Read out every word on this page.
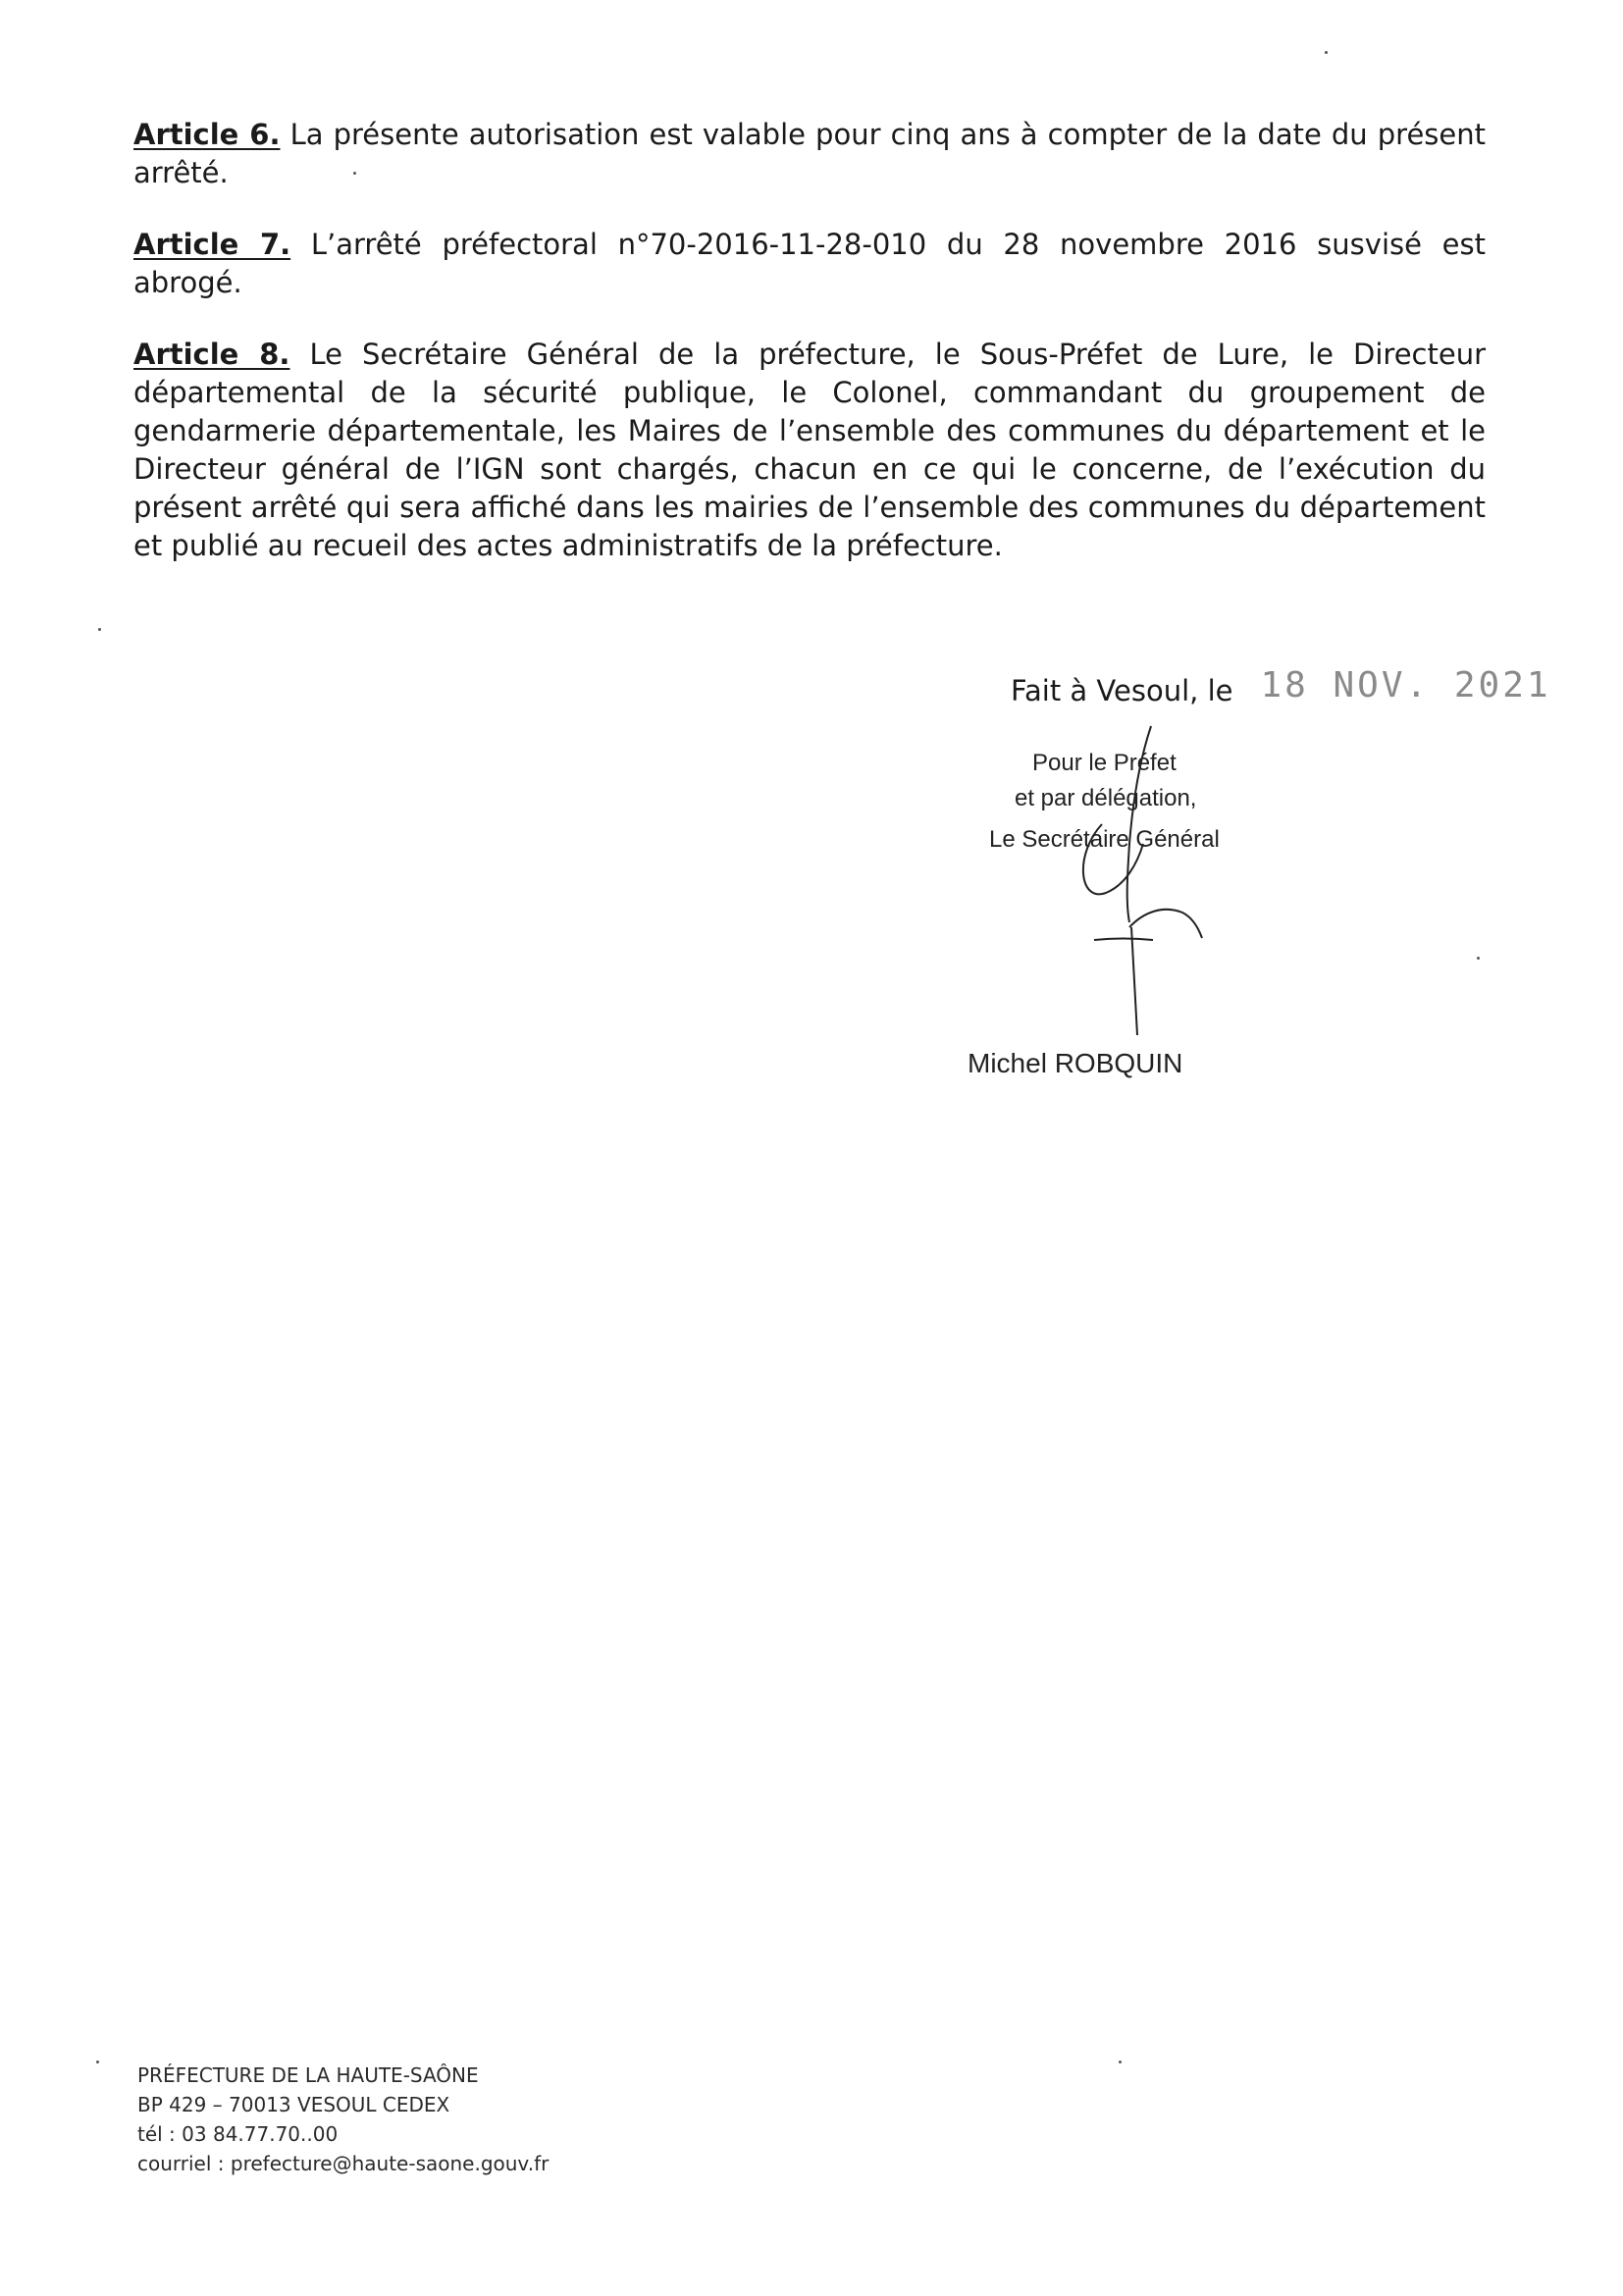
Article 6. La présente autorisation est valable pour cinq ans à compter de la date du présent arrêté.

Article 7. L’arrêté préfectoral n°70-2016-11-28-010 du 28 novembre 2016 susvisé est abrogé.

Article 8. Le Secrétaire Général de la préfecture, le Sous-Préfet de Lure, le Directeur départemental de la sécurité publique, le Colonel, commandant du groupement de gendarmerie départementale, les Maires de l’ensemble des communes du département et le Directeur général de l’IGN sont chargés, chacun en ce qui le concerne, de l’exécution du présent arrêté qui sera affiché dans les mairies de l’ensemble des communes du département et publié au recueil des actes administratifs de la préfecture.

Fait à Vesoul, le 18 NOV. 2021
Pour le Préfet
et par délégation,
Le Secrétaire Général
Michel ROBQUIN
PRÉFECTURE DE LA HAUTE-SAÔNE
BP 429 – 70013 VESOUL CEDEX
tél : 03 84.77.70..00
courriel : prefecture@haute-saone.gouv.fr
